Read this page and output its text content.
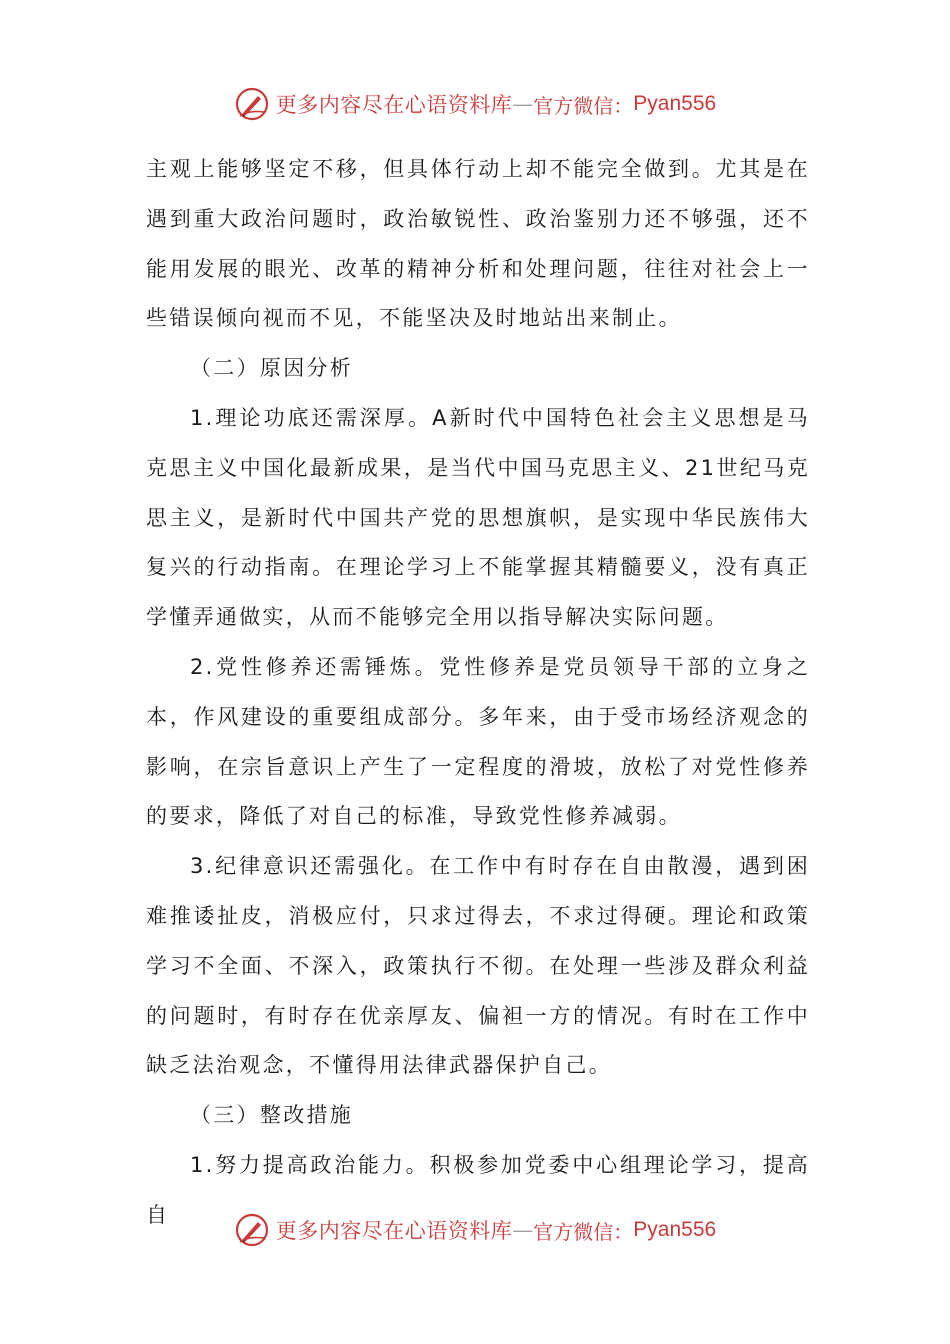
更多内容尽在心语资料库 — 官方微信： Pyan556

主观上能够坚定不移，但具体行动上却不能完全做到。尤其是在遇到重大政治问题时，政治敏锐性、政治鉴别力还不够强，还不能用发展的眼光、改革的精神分析和处理问题，往往对社会上一些错误倾向视而不见，不能坚决及时地站出来制止。

（二）原因分析

1.理论功底还需深厚。A新时代中国特色社会主义思想是马克思主义中国化最新成果，是当代中国马克思主义、21世纪马克思主义，是新时代中国共产党的思想旗帜，是实现中华民族伟大复兴的行动指南。在理论学习上不能掌握其精髓要义，没有真正学懂弄通做实，从而不能够完全用以指导解决实际问题。

2.党性修养还需锤炼。党性修养是党员领导干部的立身之本，作风建设的重要组成部分。多年来，由于受市场经济观念的影响，在宗旨意识上产生了一定程度的滑坡，放松了对党性修养的要求，降低了对自己的标准，导致党性修养减弱。

3.纪律意识还需强化。在工作中有时存在自由散漫，遇到困难推诿扯皮，消极应付，只求过得去，不求过得硬。理论和政策学习不全面、不深入，政策执行不彻。在处理一些涉及群众利益的问题时，有时存在优亲厚友、偏袒一方的情况。有时在工作中缺乏法治观念，不懂得用法律武器保护自己。

（三）整改措施

1.努力提高政治能力。积极参加党委中心组理论学习，提高自

更多内容尽在心语资料库 — 官方微信： Pyan556
